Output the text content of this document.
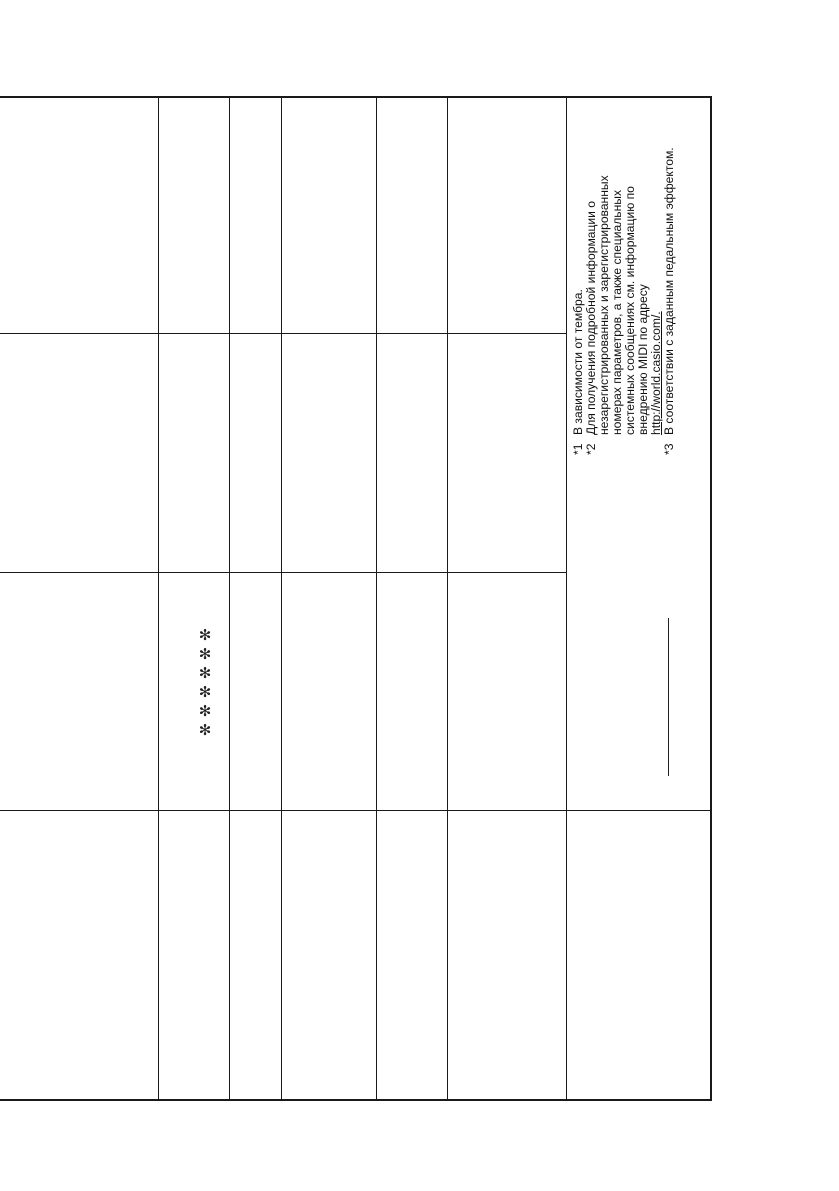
✻
✻
✻
✻
✻
✻
*1
В зависимости от тембра.
*2
Для получения подробной информации о
незарегистрированных и зарегистрированных
номерах параметров, а также специальных
системных сообщениях см. информацию по
внедрению MIDI по адресу
http://world.casio.com/.
*3
В соответствии с заданным педальным эффектом.
